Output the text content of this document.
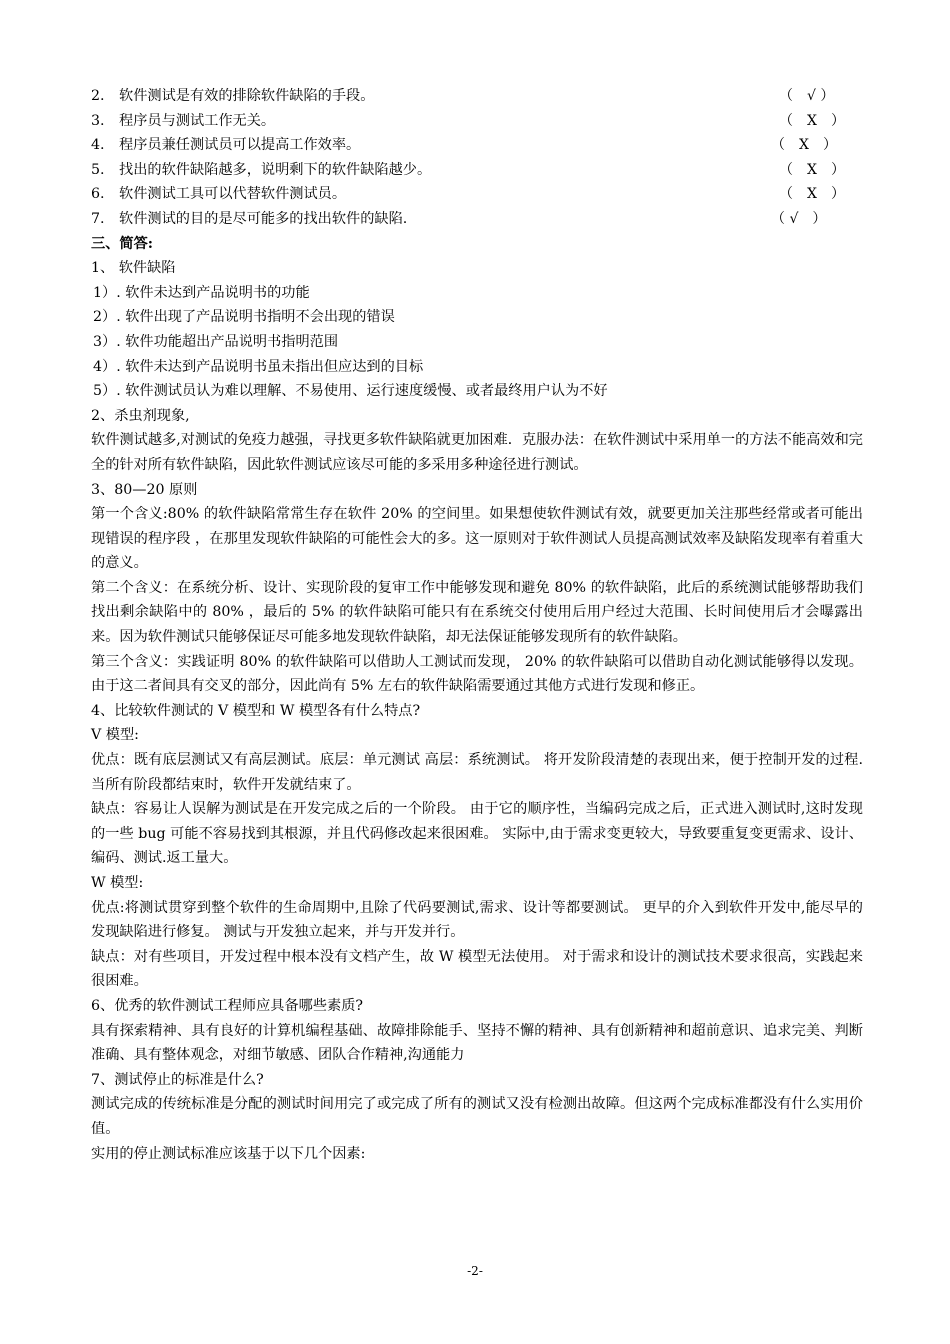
2. 软件测试是有效的排除软件缺陷的手段。	（　√ ）
3. 程序员与测试工作无关。	（　X　）
4. 程序员兼任测试员可以提高工作效率。	（　X　）
5. 找出的软件缺陷越多，说明剩下的软件缺陷越少。	（　X　）
6. 软件测试工具可以代替软件测试员。	（　X　）
7. 软件测试的目的是尽可能多的找出软件的缺陷.	（ √　）
三、简答:
1、 软件缺陷
1）. 软件未达到产品说明书的功能
2）. 软件出现了产品说明书指明不会出现的错误
3）. 软件功能超出产品说明书指明范围
4）. 软件未达到产品说明书虽未指出但应达到的目标
5）. 软件测试员认为难以理解、不易使用、运行速度缓慢、或者最终用户认为不好
2、杀虫剂现象,
软件测试越多,对测试的免疫力越强，寻找更多软件缺陷就更加困难．克服办法：在软件测试中采用单一的方法不能高效和完全的针对所有软件缺陷，因此软件测试应该尽可能的多采用多种途径进行测试。
3、80—20 原则
第一个含义:80% 的软件缺陷常常生存在软件 20% 的空间里。如果想使软件测试有效，就要更加关注那些经常或者可能出现错误的程序段 ，在那里发现软件缺陷的可能性会大的多。这一原则对于软件测试人员提高测试效率及缺陷发现率有着重大的意义。
第二个含义：在系统分析、设计、实现阶段的复审工作中能够发现和避免 80% 的软件缺陷，此后的系统测试能够帮助我们找出剩余缺陷中的 80% ，最后的 5% 的软件缺陷可能只有在系统交付使用后用户经过大范围、长时间使用后才会曝露出来。因为软件测试只能够保证尽可能多地发现软件缺陷，却无法保证能够发现所有的软件缺陷。
第三个含义：实践证明 80% 的软件缺陷可以借助人工测试而发现， 20% 的软件缺陷可以借助自动化测试能够得以发现。由于这二者间具有交叉的部分，因此尚有 5% 左右的软件缺陷需要通过其他方式进行发现和修正。
4、比较软件测试的 V 模型和 W 模型各有什么特点?
V 模型:
优点：既有底层测试又有高层测试。底层：单元测试 高层：系统测试。 将开发阶段清楚的表现出来，便于控制开发的过程.当所有阶段都结束时，软件开发就结束了。
缺点：容易让人误解为测试是在开发完成之后的一个阶段。 由于它的顺序性，当编码完成之后，正式进入测试时,这时发现的一些 bug 可能不容易找到其根源，并且代码修改起来很困难。 实际中,由于需求变更较大，导致要重复变更需求、设计、编码、测试.返工量大。
W 模型:
优点:将测试贯穿到整个软件的生命周期中,且除了代码要测试,需求、设计等都要测试。 更早的介入到软件开发中,能尽早的发现缺陷进行修复。 测试与开发独立起来，并与开发并行。
缺点：对有些项目，开发过程中根本没有文档产生，故 W 模型无法使用。 对于需求和设计的测试技术要求很高，实践起来很困难。
6、优秀的软件测试工程师应具备哪些素质?
具有探索精神、具有良好的计算机编程基础、故障排除能手、坚持不懈的精神、具有创新精神和超前意识、追求完美、判断准确、具有整体观念，对细节敏感、团队合作精神,沟通能力
7、测试停止的标准是什么?
测试完成的传统标准是分配的测试时间用完了或完成了所有的测试又没有检测出故障。但这两个完成标准都没有什么实用价值。
实用的停止测试标准应该基于以下几个因素:
-2-
